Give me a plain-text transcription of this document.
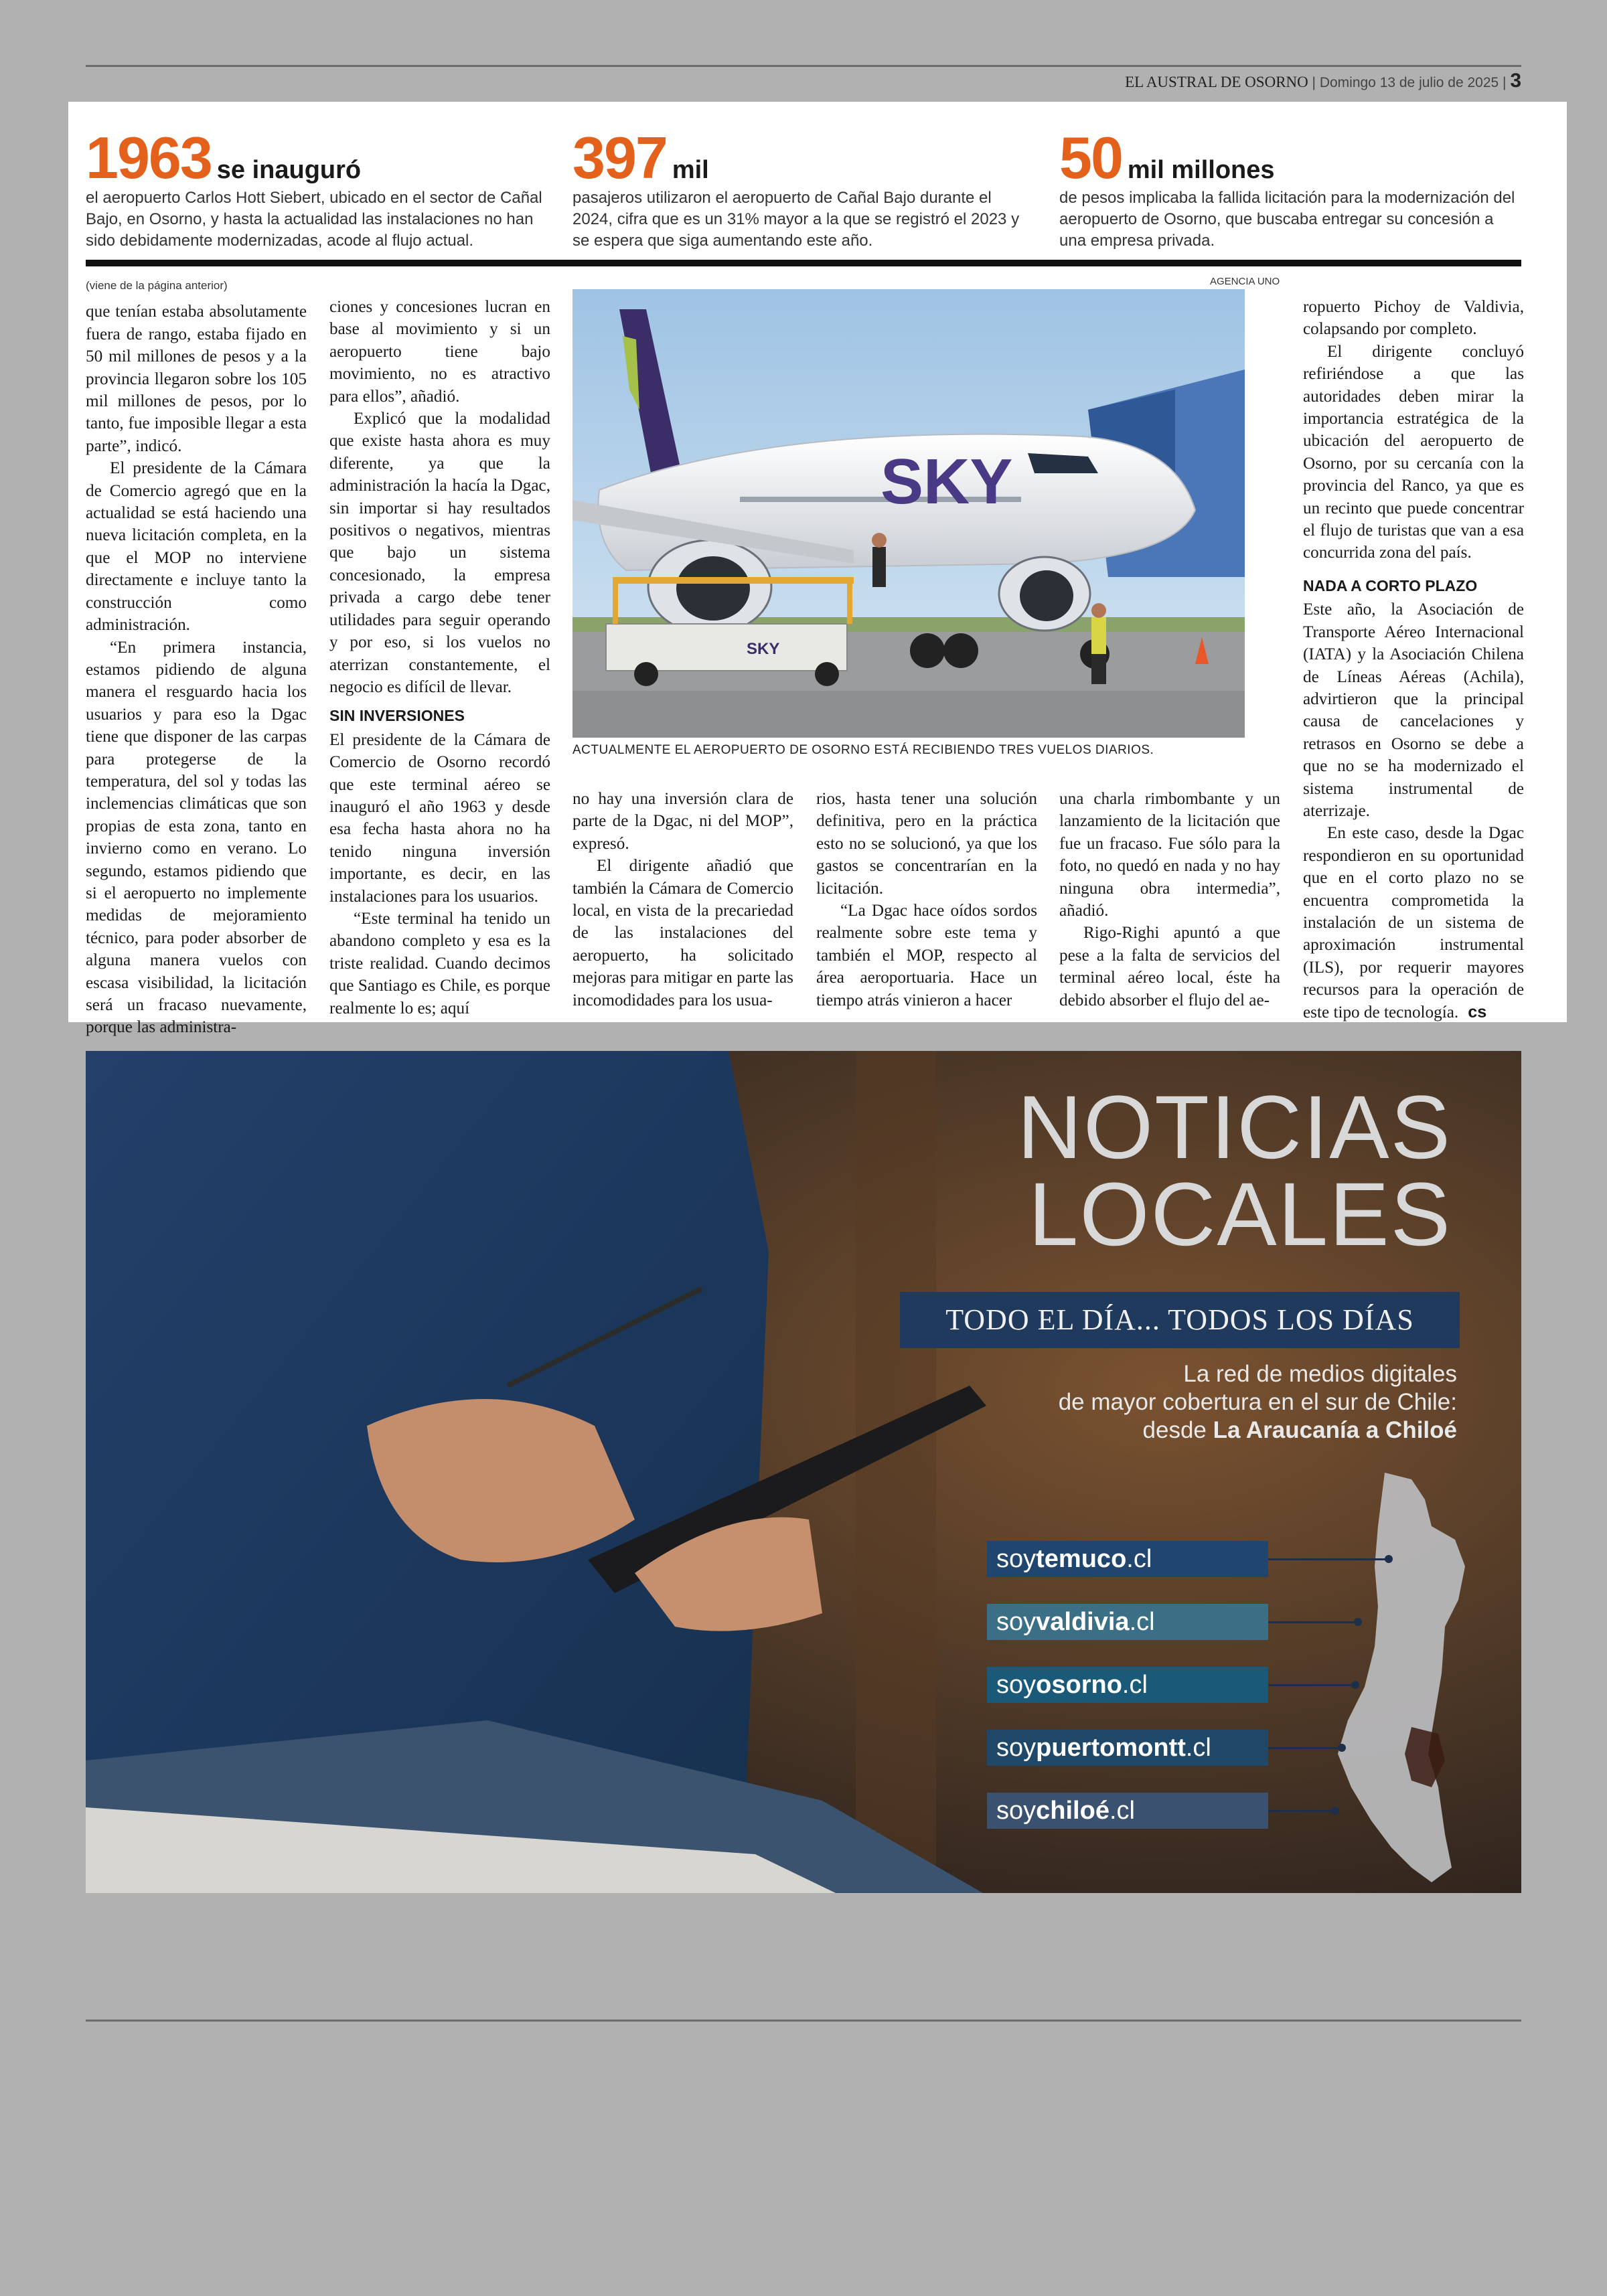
EL AUSTRAL DE OSORNO | Domingo 13 de julio de 2025 | 3
1963 se inauguró
el aeropuerto Carlos Hott Siebert, ubicado en el sector de Cañal Bajo, en Osorno, y hasta la actualidad las instalaciones no han sido debidamente modernizadas, acode al flujo actual.
397 mil
pasajeros utilizaron el aeropuerto de Cañal Bajo durante el 2024, cifra que es un 31% mayor a la que se registró el 2023 y se espera que siga aumentando este año.
50 mil millones
de pesos implicaba la fallida licitación para la modernización del aeropuerto de Osorno, que buscaba entregar su concesión a una empresa privada.
(viene de la página anterior)

que tenían estaba absolutamente fuera de rango, estaba fijado en 50 mil millones de pesos y a la provincia llegaron sobre los 105 mil millones de pesos, por lo tanto, fue imposible llegar a esta parte”, indicó.

El presidente de la Cámara de Comercio agregó que en la actualidad se está haciendo una nueva licitación completa, en la que el MOP no interviene directamente e incluye tanto la construcción como administración.

“En primera instancia, estamos pidiendo de alguna manera el resguardo hacia los usuarios y para eso la Dgac tiene que disponer de las carpas para protegerse de la temperatura, del sol y todas las inclemencias climáticas que son propias de esta zona, tanto en invierno como en verano. Lo segundo, estamos pidiendo que si el aeropuerto no implemente medidas de mejoramiento técnico, para poder absorber de alguna manera vuelos con escasa visibilidad, la licitación será un fracaso nuevamente, porque las administra-

ciones y concesiones lucran en base al movimiento y si un aeropuerto tiene bajo movimiento, no es atractivo para ellos”, añadió.

Explicó que la modalidad que existe hasta ahora es muy diferente, ya que la administración la hacía la Dgac, sin importar si hay resultados positivos o negativos, mientras que bajo un sistema concesionado, la empresa privada a cargo debe tener utilidades para seguir operando y por eso, si los vuelos no aterrizan constantemente, el negocio es difícil de llevar.

SIN INVERSIONES

El presidente de la Cámara de Comercio de Osorno recordó que este terminal aéreo se inauguró el año 1963 y desde esa fecha hasta ahora no ha tenido ninguna inversión importante, es decir, en las instalaciones para los usuarios.

“Este terminal ha tenido un abandono completo y esa es la triste realidad. Cuando decimos que Santiago es Chile, es porque realmente lo es; aquí

AGENCIA UNO
SKY
SKY
ACTUALMENTE EL AEROPUERTO DE OSORNO ESTÁ RECIBIENDO TRES VUELOS DIARIOS.

no hay una inversión clara de parte de la Dgac, ni del MOP”, expresó.

El dirigente añadió que también la Cámara de Comercio local, en vista de la precariedad de las instalaciones del aeropuerto, ha solicitado mejoras para mitigar en parte las incomodidades para los usua-

rios, hasta tener una solución definitiva, pero en la práctica esto no se solucionó, ya que los gastos se concentrarían en la licitación.

“La Dgac hace oídos sordos realmente sobre este tema y también el MOP, respecto al área aeroportuaria. Hace un tiempo atrás vinieron a hacer

una charla rimbombante y un lanzamiento de la licitación que fue un fracaso. Fue sólo para la foto, no quedó en nada y no hay ninguna obra intermedia”, añadió.

Rigo-Righi apuntó a que pese a la falta de servicios del terminal aéreo local, éste ha debido absorber el flujo del ae-

ropuerto Pichoy de Valdivia, colapsando por completo.

El dirigente concluyó refiriéndose a que las autoridades deben mirar la importancia estratégica de la ubicación del aeropuerto de Osorno, por su cercanía con la provincia del Ranco, ya que es un recinto que puede concentrar el flujo de turistas que van a esa concurrida zona del país.

NADA A CORTO PLAZO

Este año, la Asociación de Transporte Aéreo Internacional (IATA) y la Asociación Chilena de Líneas Aéreas (Achila), advirtieron que la principal causa de cancelaciones y retrasos en Osorno se debe a que no se ha modernizado el sistema instrumental de aterrizaje.

En este caso, desde la Dgac respondieron en su oportunidad que en el corto plazo no se encuentra comprometida la instalación de un sistema de aproximación instrumental (ILS), por requerir mayores recursos para la operación de este tipo de tecnología. cs

NOTICIAS
LOCALES
TODO EL DÍA... TODOS LOS DÍAS
La red de medios digitales
de mayor cobertura en el sur de Chile:
desde La Araucanía a Chiloé
soytemuco.cl
soyvaldivia.cl
soyosorno.cl
soypuertomontt.cl
soychiloé.cl
